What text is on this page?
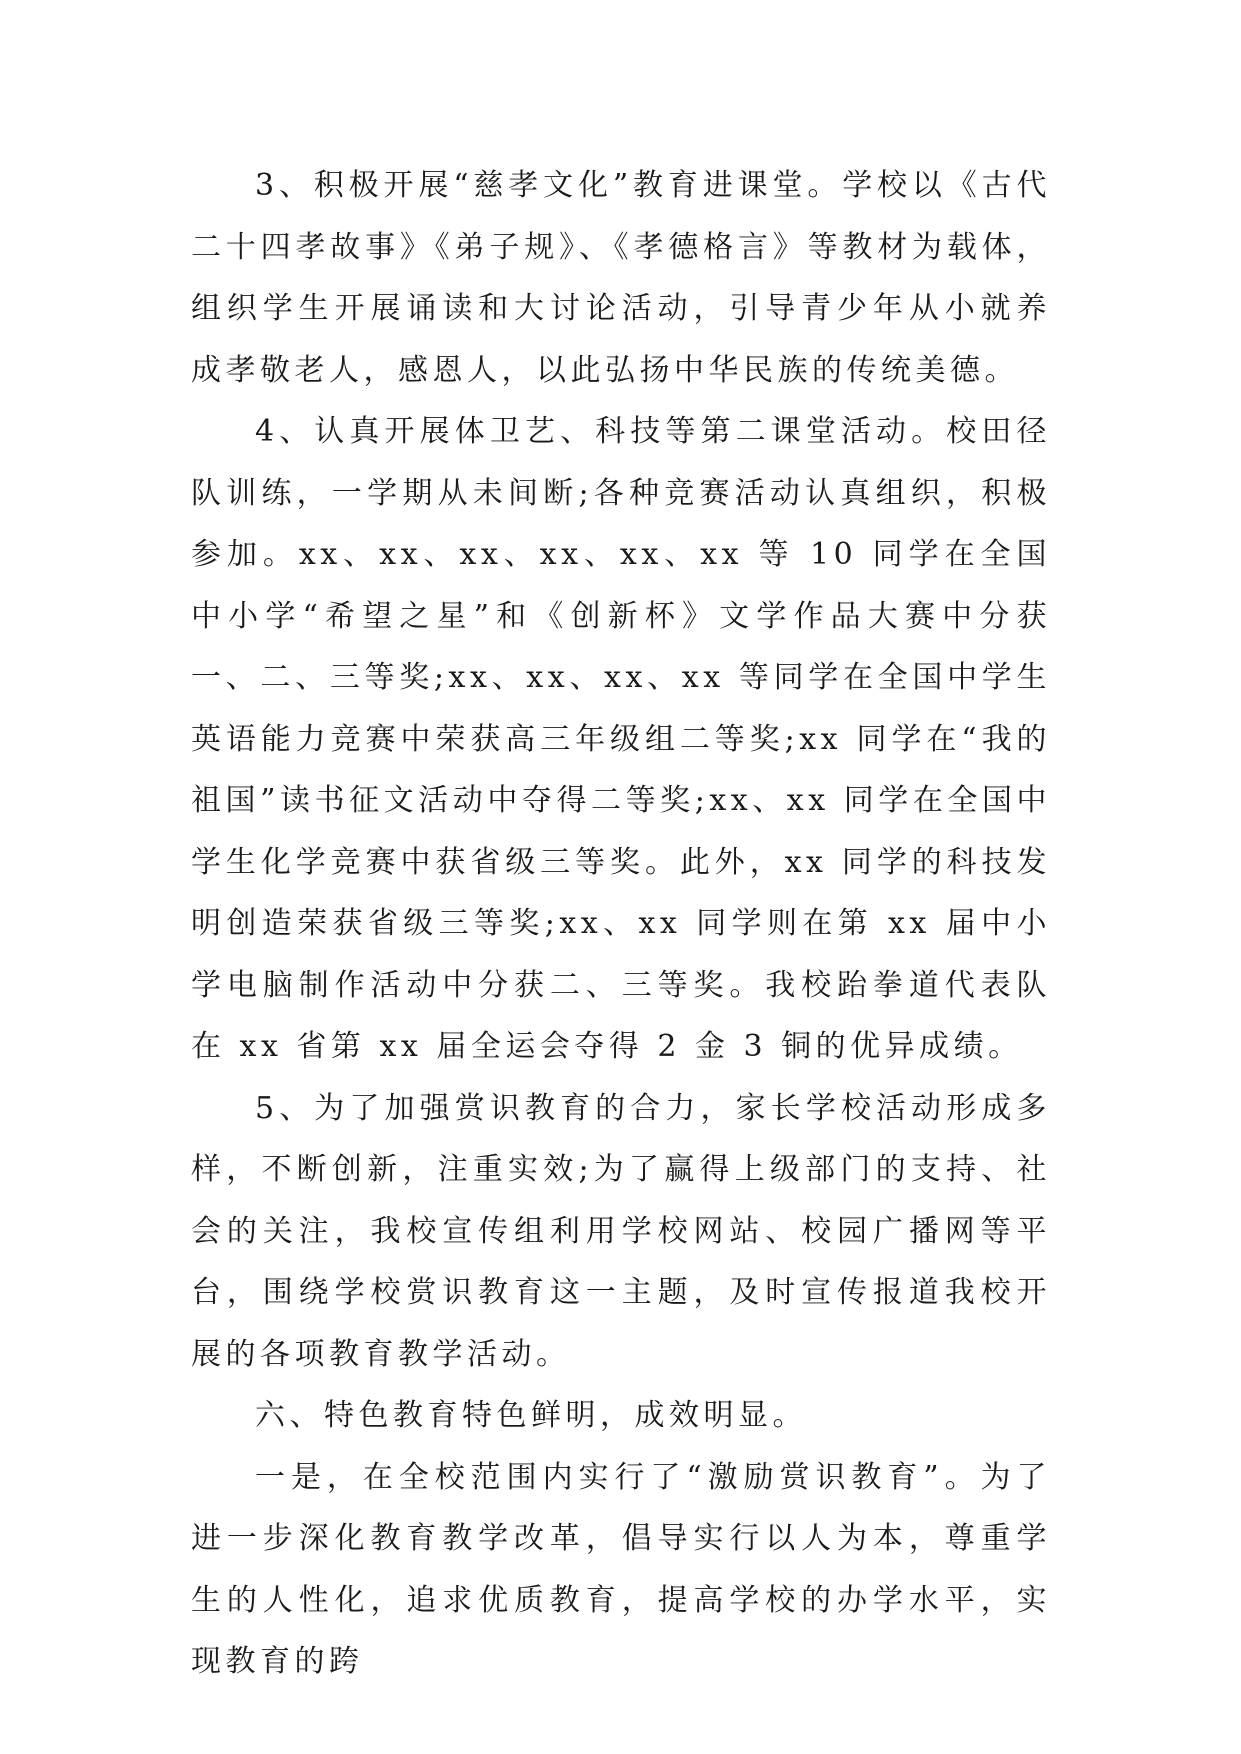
3、积极开展“慈孝文化”教育进课堂。学校以《古代二十四孝故事》《弟子规》、《孝德格言》等教材为载体，组织学生开展诵读和大讨论活动，引导青少年从小就养成孝敬老人，感恩人，以此弘扬中华民族的传统美德。

4、认真开展体卫艺、科技等第二课堂活动。校田径队训练，一学期从未间断;各种竞赛活动认真组织，积极参加。xx、xx、xx、xx、xx、xx 等 10 同学在全国中小学“希望之星”和《创新杯》文学作品大赛中分获一、二、三等奖;xx、xx、xx、xx 等同学在全国中学生英语能力竞赛中荣获高三年级组二等奖;xx 同学在“我的祖国”读书征文活动中夺得二等奖;xx、xx 同学在全国中学生化学竞赛中获省级三等奖。此外，xx 同学的科技发明创造荣获省级三等奖;xx、xx 同学则在第 xx 届中小学电脑制作活动中分获二、三等奖。我校跆拳道代表队在 xx 省第 xx 届全运会夺得 2 金 3 铜的优异成绩。

5、为了加强赏识教育的合力，家长学校活动形成多样，不断创新，注重实效;为了赢得上级部门的支持、社会的关注，我校宣传组利用学校网站、校园广播网等平台，围绕学校赏识教育这一主题，及时宣传报道我校开展的各项教育教学活动。

六、特色教育特色鲜明，成效明显。

一是，在全校范围内实行了“激励赏识教育”。为了进一步深化教育教学改革，倡导实行以人为本，尊重学生的人性化，追求优质教育，提高学校的办学水平，实现教育的跨
